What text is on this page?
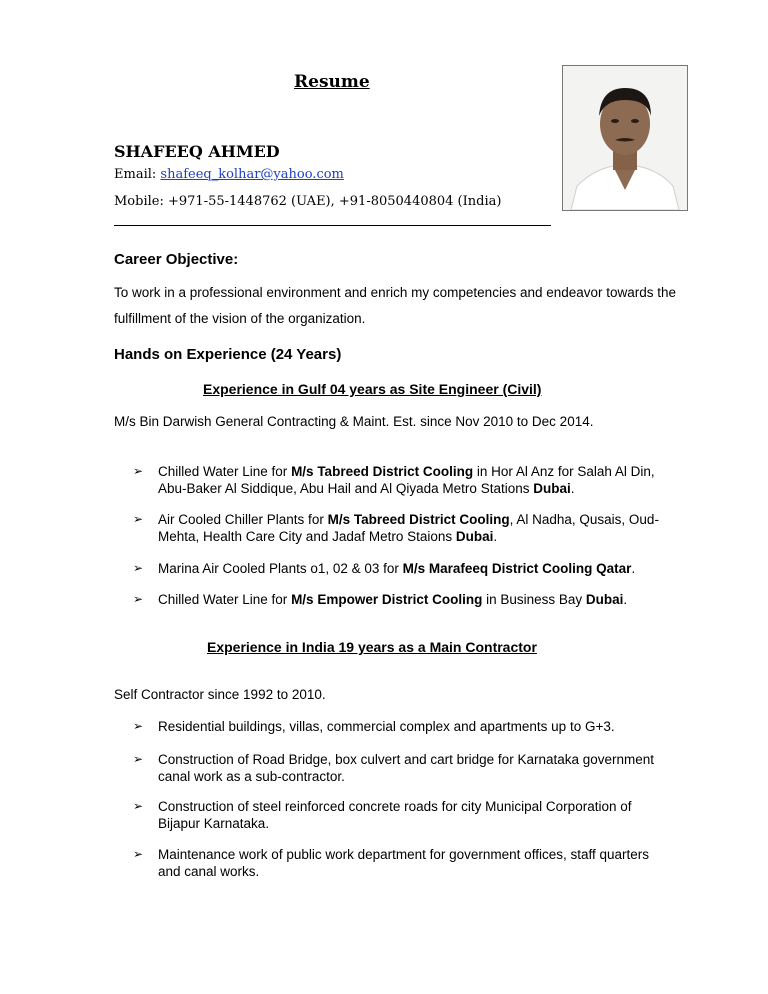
Resume
SHAFEEQ AHMED
Email: shafeeq_kolhar@yahoo.com
Mobile: +971-55-1448762 (UAE), +91-8050440804 (India)
Career Objective:
To work in a professional environment and enrich my competencies and endeavor towards the
fulfillment of the vision of the organization.
Hands on Experience (24 Years)
Experience in Gulf 04 years as Site Engineer (Civil)
M/s Bin Darwish General Contracting & Maint. Est. since Nov 2010 to Dec 2014.
➢ Chilled Water Line for M/s Tabreed District Cooling in Hor Al Anz for Salah Al Din, Abu-Baker Al Siddique, Abu Hail and Al Qiyada Metro Stations Dubai.
➢ Air Cooled Chiller Plants for M/s Tabreed District Cooling, Al Nadha, Qusais, Oud-Mehta, Health Care City and Jadaf Metro Staions Dubai.
➢ Marina Air Cooled Plants o1, 02 & 03 for M/s Marafeeq District Cooling Qatar.
➢ Chilled Water Line for M/s Empower District Cooling in Business Bay Dubai.
Experience in India 19 years as a Main Contractor
Self Contractor since 1992 to 2010.
➢ Residential buildings, villas, commercial complex and apartments up to G+3.
➢ Construction of Road Bridge, box culvert and cart bridge for Karnataka government canal work as a sub-contractor.
➢ Construction of steel reinforced concrete roads for city Municipal Corporation of Bijapur Karnataka.
➢ Maintenance work of public work department for government offices, staff quarters and canal works.
